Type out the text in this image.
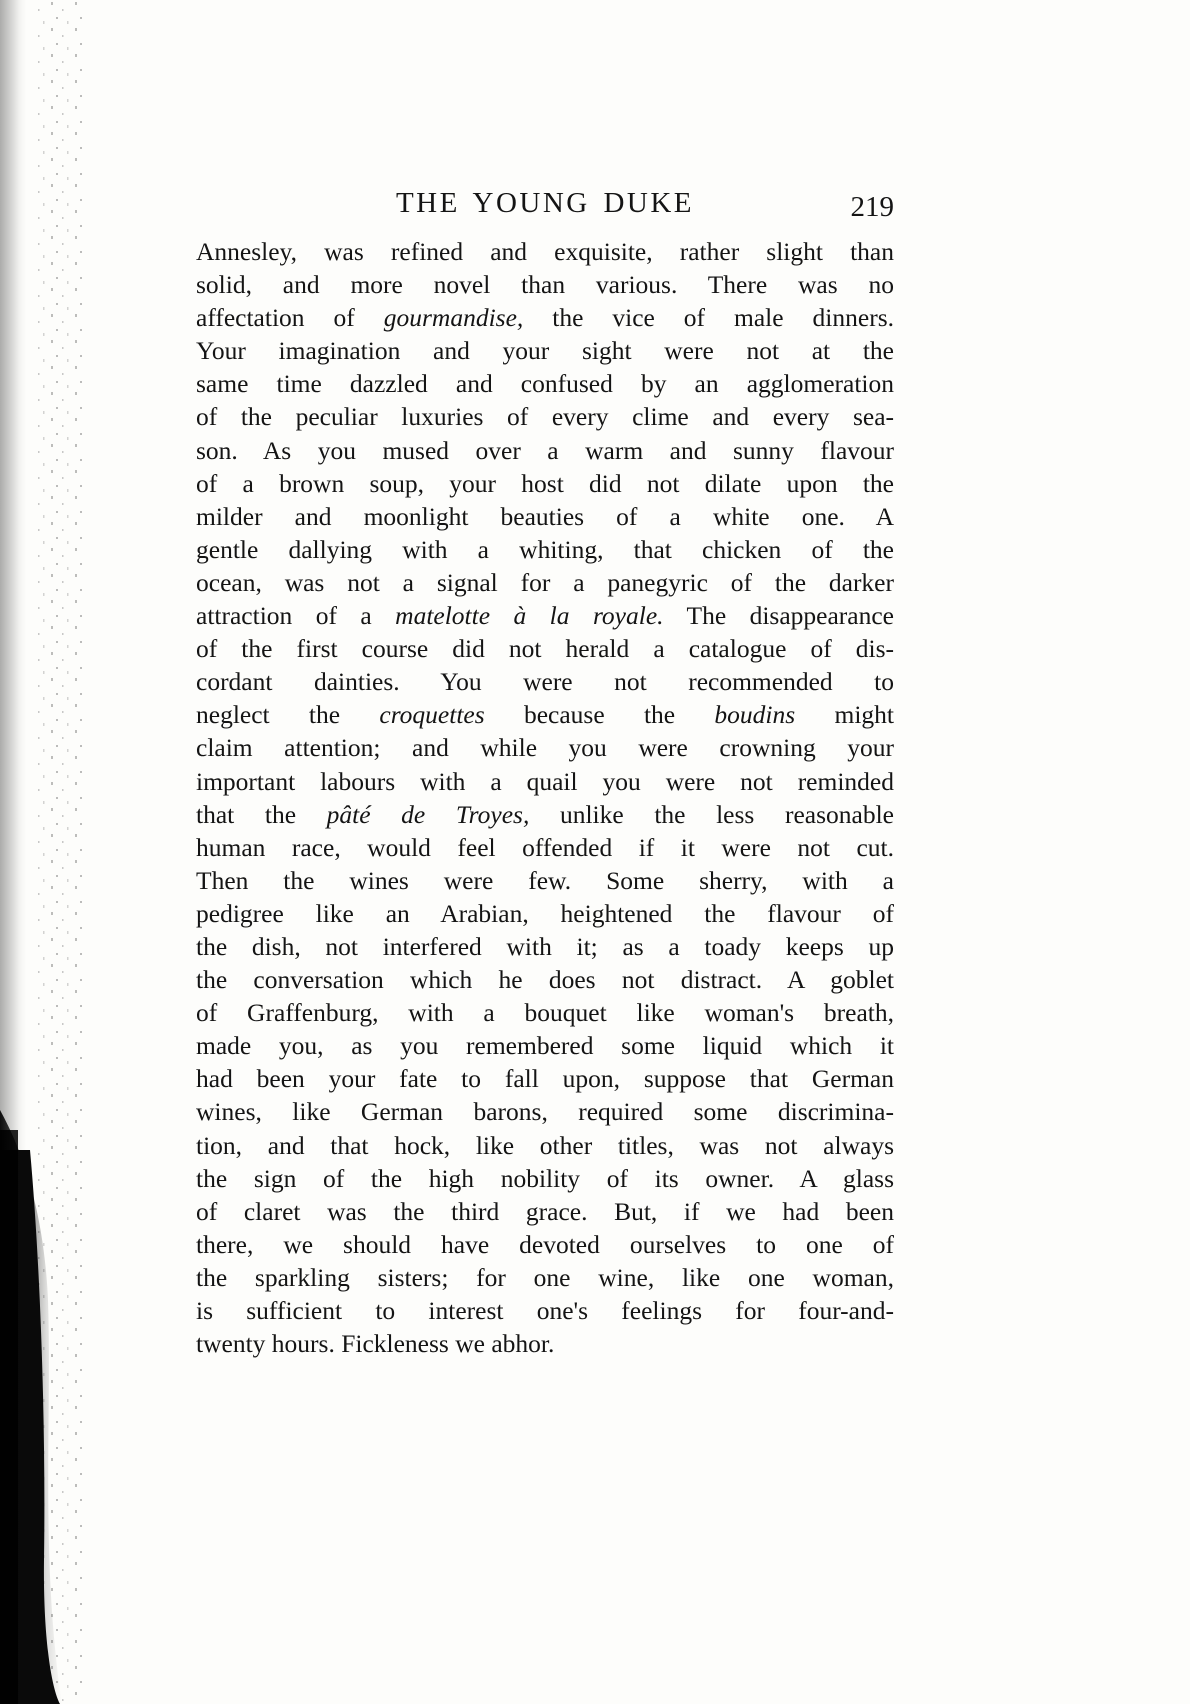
THE YOUNG DUKE	219
Annesley, was refined and exquisite, rather slight than
solid, and more novel than various. There was no
affectation of gourmandise, the vice of male dinners.
Your imagination and your sight were not at the
same time dazzled and confused by an agglomeration
of the peculiar luxuries of every clime and every sea-
son. As you mused over a warm and sunny flavour
of a brown soup, your host did not dilate upon the
milder and moonlight beauties of a white one. A
gentle dallying with a whiting, that chicken of the
ocean, was not a signal for a panegyric of the darker
attraction of a matelotte à la royale. The disappearance
of the first course did not herald a catalogue of dis-
cordant dainties. You were not recommended to
neglect the croquettes because the boudins might
claim attention; and while you were crowning your
important labours with a quail you were not reminded
that the pâté de Troyes, unlike the less reasonable
human race, would feel offended if it were not cut.
Then the wines were few. Some sherry, with a
pedigree like an Arabian, heightened the flavour of
the dish, not interfered with it; as a toady keeps up
the conversation which he does not distract. A goblet
of Graffenburg, with a bouquet like woman's breath,
made you, as you remembered some liquid which it
had been your fate to fall upon, suppose that German
wines, like German barons, required some discrimina-
tion, and that hock, like other titles, was not always
the sign of the high nobility of its owner. A glass
of claret was the third grace. But, if we had been
there, we should have devoted ourselves to one of
the sparkling sisters; for one wine, like one woman,
is sufficient to interest one's feelings for four-and-
twenty hours. Fickleness we abhor.
